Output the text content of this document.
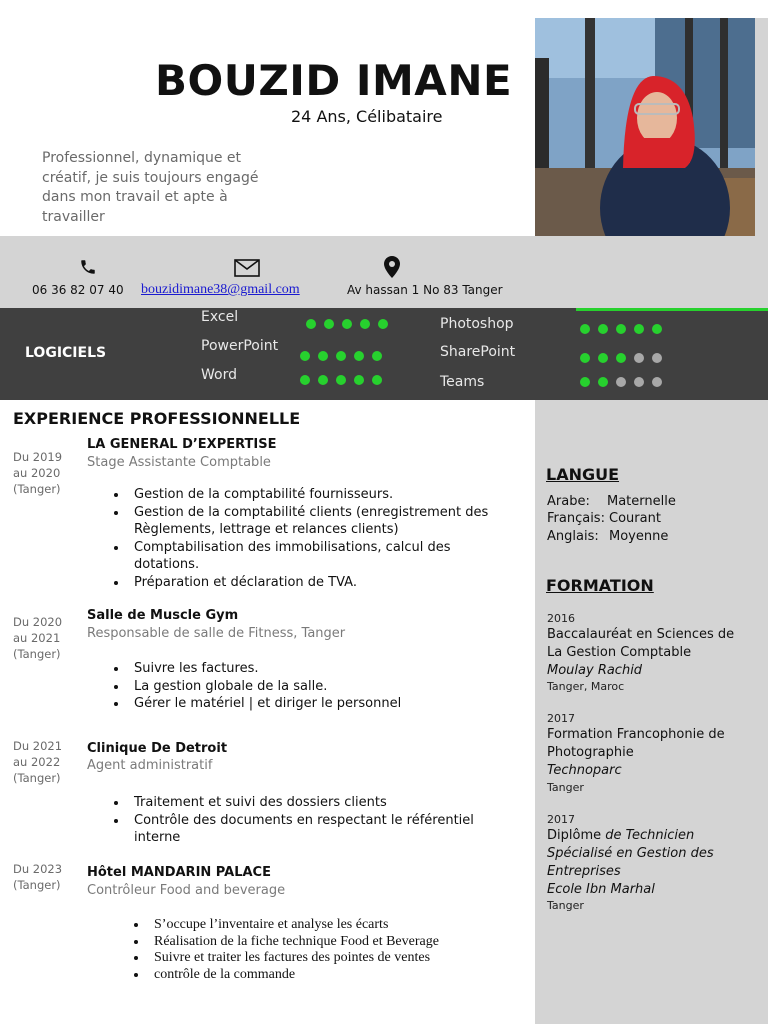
BOUZID IMANE
24 Ans, Célibataire
Professionnel, dynamique et créatif, je suis toujours engagé dans mon travail et apte à travailler
06 36 82 07 40 bouzidimane38@gmail.com	Av hassan 1 No 83 Tanger
LOGICIELS
Excel
PowerPoint
Word
Photoshop
SharePoint
Teams
LANGUE
Arabe: Maternelle
Français: Courant
Anglais: Moyenne
FORMATION
2016
Baccalauréat en Sciences de La Gestion Comptable
Moulay Rachid
Tanger, Maroc
2017
Formation Francophonie de Photographie
Technoparc
Tanger
2017
Diplôme de Technicien Spécialisé en Gestion des Entreprises
Ecole Ibn Marhal
Tanger
EXPERIENCE PROFESSIONNELLE
Du 2019 au 2020 (Tanger)
LA GENERAL D’EXPERTISE
Stage Assistante Comptable
• Gestion de la comptabilité fournisseurs.
• Gestion de la comptabilité clients (enregistrement des Règlements, lettrage et relances clients)
• Comptabilisation des immobilisations, calcul des dotations.
• Préparation et déclaration de TVA.
Du 2020 au 2021 (Tanger)
Salle de Muscle Gym
Responsable de salle de Fitness, Tanger
• Suivre les factures.
• La gestion globale de la salle.
• Gérer le matériel | et diriger le personnel
Du 2021 au 2022 (Tanger)
Clinique De Detroit
Agent administratif
• Traitement et suivi des dossiers clients
• Contrôle des documents en respectant le référentiel interne
Du 2023 (Tanger)
Hôtel MANDARIN PALACE
Contrôleur Food and beverage
• S’occupe l’inventaire et analyse les écarts
• Réalisation de la fiche technique Food et Beverage
• Suivre et traiter les factures des pointes de ventes
• contrôle de la commande
